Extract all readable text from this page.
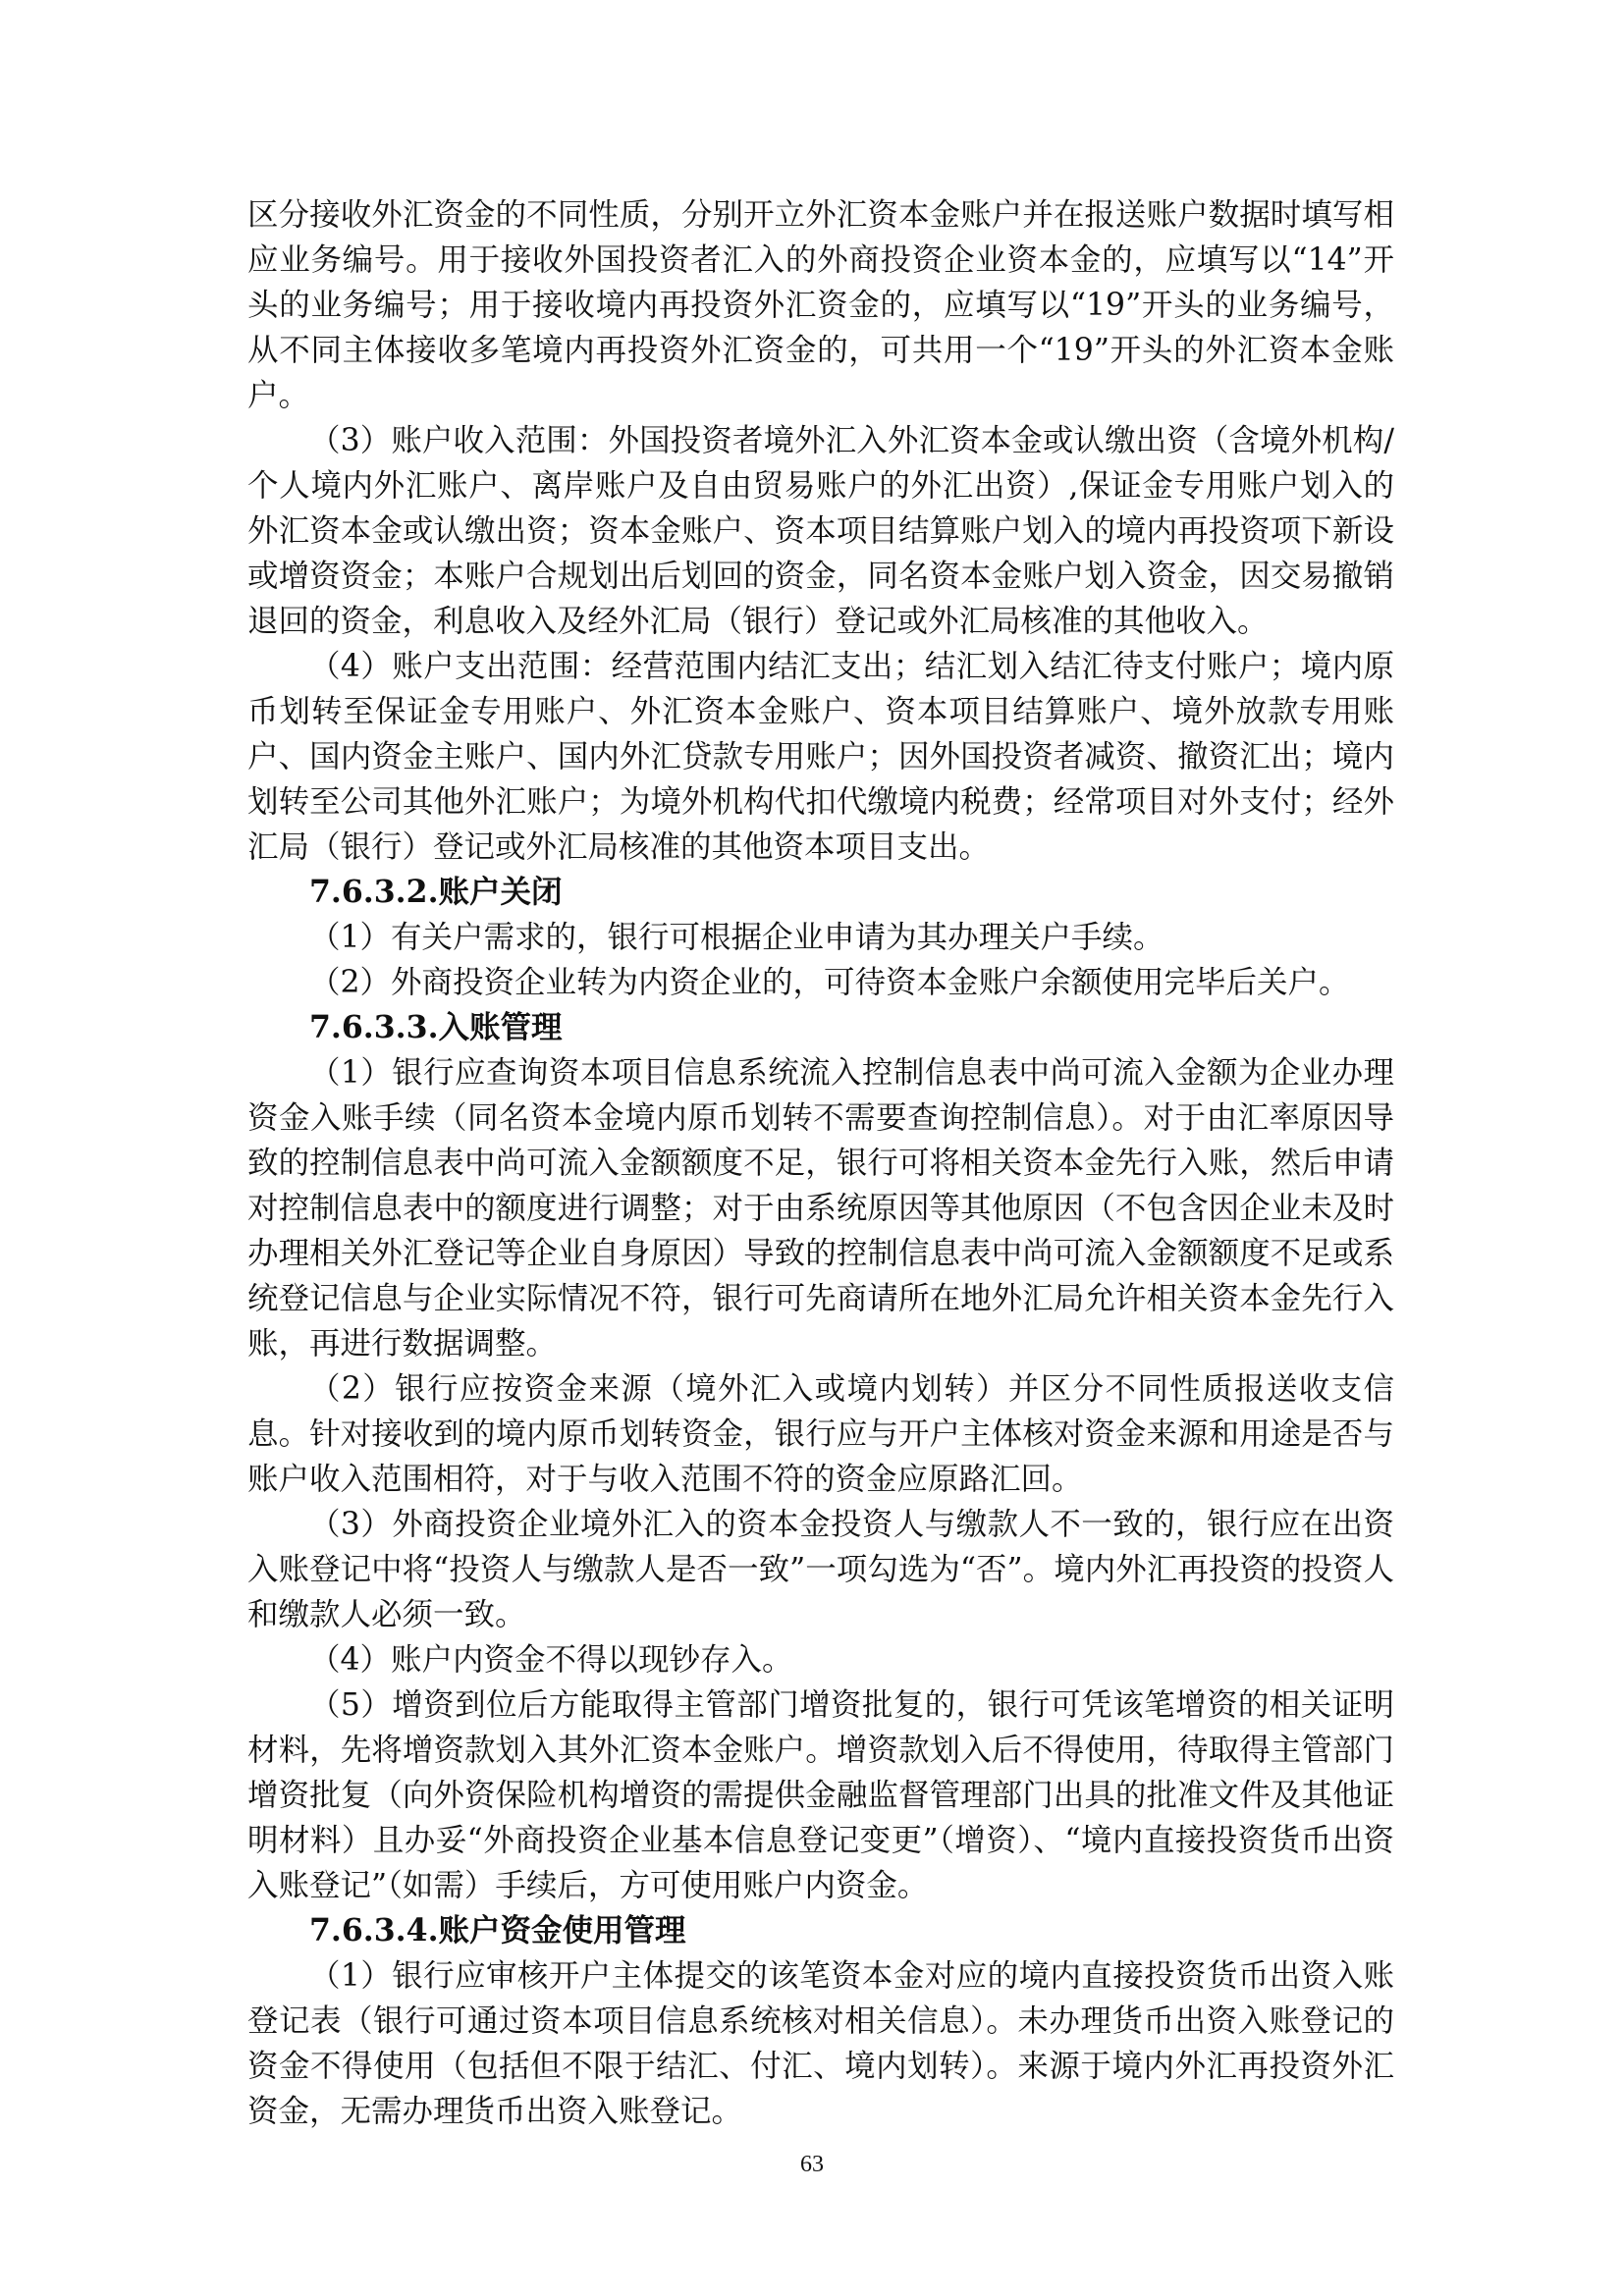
区分接收外汇资金的不同性质，分别开立外汇资本金账户并在报送账户数据时填写相应业务编号。用于接收外国投资者汇入的外商投资企业资本金的，应填写以“14”开头的业务编号；用于接收境内再投资外汇资金的，应填写以“19”开头的业务编号，从不同主体接收多笔境内再投资外汇资金的，可共用一个“19”开头的外汇资本金账户。

（3）账户收入范围：外国投资者境外汇入外汇资本金或认缴出资（含境外机构/个人境内外汇账户、离岸账户及自由贸易账户的外汇出资）,保证金专用账户划入的外汇资本金或认缴出资；资本金账户、资本项目结算账户划入的境内再投资项下新设或增资资金；本账户合规划出后划回的资金，同名资本金账户划入资金，因交易撤销退回的资金，利息收入及经外汇局（银行）登记或外汇局核准的其他收入。

（4）账户支出范围：经营范围内结汇支出；结汇划入结汇待支付账户；境内原币划转至保证金专用账户、外汇资本金账户、资本项目结算账户、境外放款专用账户、国内资金主账户、国内外汇贷款专用账户；因外国投资者减资、撤资汇出；境内划转至公司其他外汇账户；为境外机构代扣代缴境内税费；经常项目对外支付；经外汇局（银行）登记或外汇局核准的其他资本项目支出。

7.6.3.2.账户关闭

（1）有关户需求的，银行可根据企业申请为其办理关户手续。

（2）外商投资企业转为内资企业的，可待资本金账户余额使用完毕后关户。

7.6.3.3.入账管理

（1）银行应查询资本项目信息系统流入控制信息表中尚可流入金额为企业办理资金入账手续（同名资本金境内原币划转不需要查询控制信息）。对于由汇率原因导致的控制信息表中尚可流入金额额度不足，银行可将相关资本金先行入账，然后申请对控制信息表中的额度进行调整；对于由系统原因等其他原因（不包含因企业未及时办理相关外汇登记等企业自身原因）导致的控制信息表中尚可流入金额额度不足或系统登记信息与企业实际情况不符，银行可先商请所在地外汇局允许相关资本金先行入账，再进行数据调整。

（2）银行应按资金来源（境外汇入或境内划转）并区分不同性质报送收支信息。针对接收到的境内原币划转资金，银行应与开户主体核对资金来源和用途是否与账户收入范围相符，对于与收入范围不符的资金应原路汇回。

（3）外商投资企业境外汇入的资本金投资人与缴款人不一致的，银行应在出资入账登记中将“投资人与缴款人是否一致”一项勾选为“否”。境内外汇再投资的投资人和缴款人必须一致。

（4）账户内资金不得以现钞存入。

（5）增资到位后方能取得主管部门增资批复的，银行可凭该笔增资的相关证明材料，先将增资款划入其外汇资本金账户。增资款划入后不得使用，待取得主管部门增资批复（向外资保险机构增资的需提供金融监督管理部门出具的批准文件及其他证明材料）且办妥“外商投资企业基本信息登记变更”（增资）、“境内直接投资货币出资入账登记”（如需）手续后，方可使用账户内资金。

7.6.3.4.账户资金使用管理

（1）银行应审核开户主体提交的该笔资本金对应的境内直接投资货币出资入账登记表（银行可通过资本项目信息系统核对相关信息）。未办理货币出资入账登记的资金不得使用（包括但不限于结汇、付汇、境内划转）。来源于境内外汇再投资外汇资金，无需办理货币出资入账登记。

63
